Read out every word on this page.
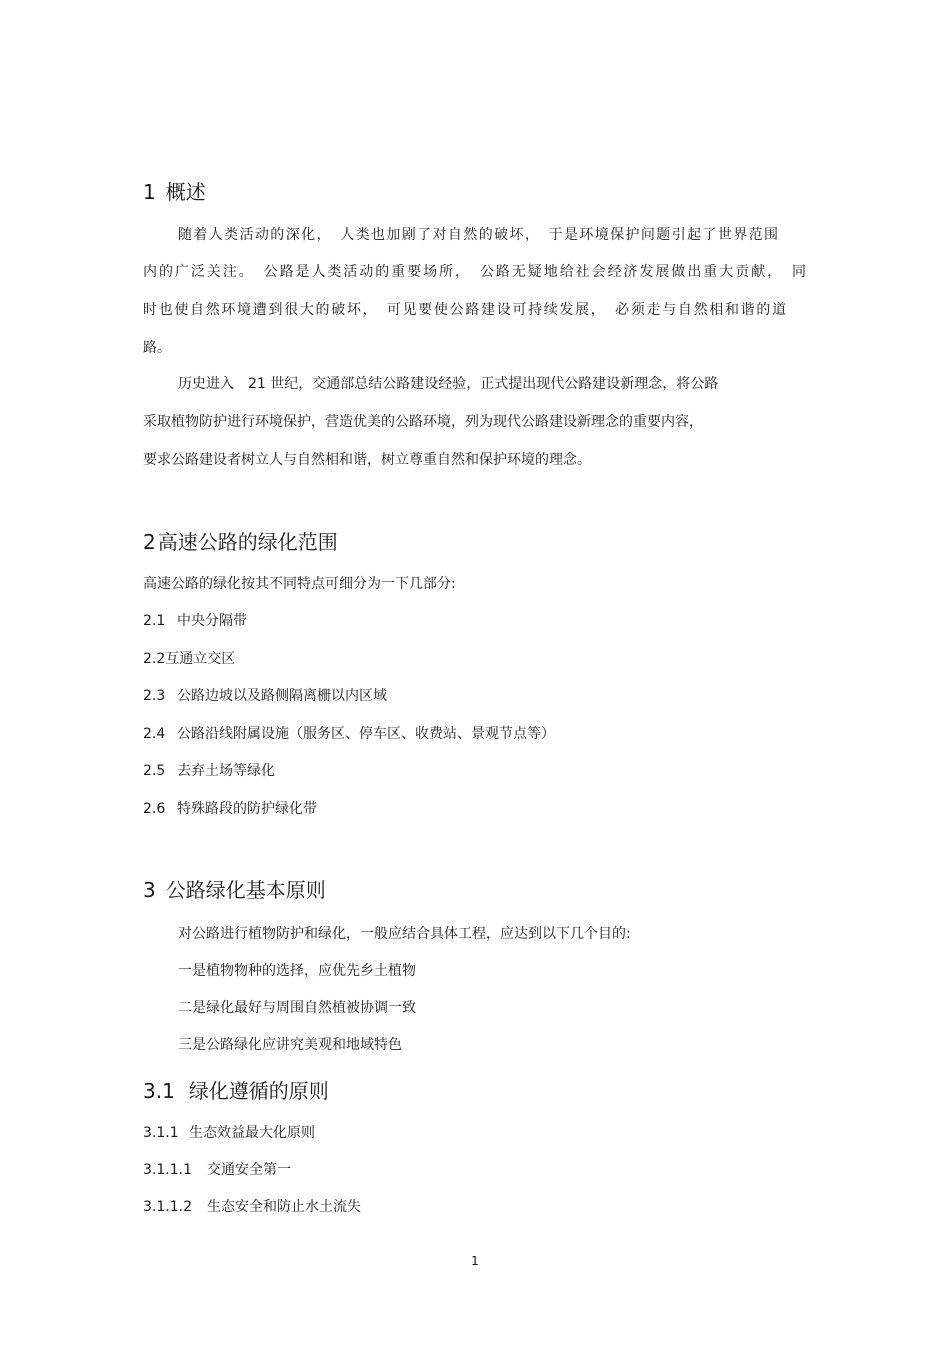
1 概述
随着人类活动的深化，　人类也加剧了对自然的破坏，　于是环境保护问题引起了世界范围
内的广泛关注。　公路是人类活动的重要场所，　公路无疑地给社会经济发展做出重大贡献，　同
时也使自然环境遭到很大的破坏，　可见要使公路建设可持续发展，　必须走与自然相和谐的道
路。
历史进入　21 世纪，交通部总结公路建设经验，正式提出现代公路建设新理念，将公路
采取植物防护进行环境保护，营造优美的公路环境，列为现代公路建设新理念的重要内容，
要求公路建设者树立人与自然相和谐，树立尊重自然和保护环境的理念。
2 高速公路的绿化范围
高速公路的绿化按其不同特点可细分为一下几部分:
2.1 中央分隔带
2.2互通立交区
2.3 公路边坡以及路侧隔离栅以内区域
2.4 公路沿线附属设施（服务区、停车区、收费站、景观节点等）
2.5 去弃土场等绿化
2.6 特殊路段的防护绿化带
3 公路绿化基本原则
对公路进行植物防护和绿化，一般应结合具体工程，应达到以下几个目的:
一是植物物种的选择，应优先乡土植物
二是绿化最好与周围自然植被协调一致
三是公路绿化应讲究美观和地域特色
3.1 绿化遵循的原则
3.1.1 生态效益最大化原则
3.1.1.1 交通安全第一
3.1.1.2 生态安全和防止水土流失
1
